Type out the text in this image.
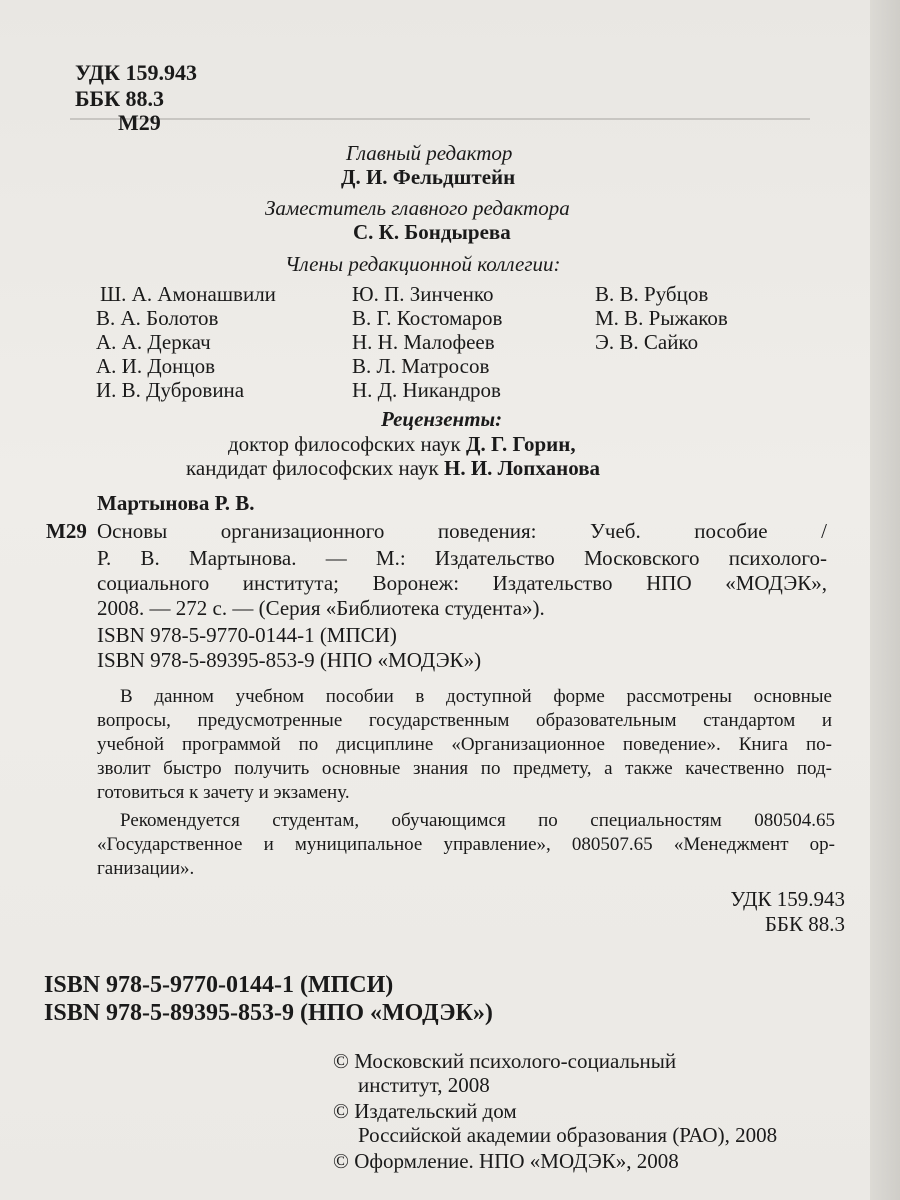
УДК 159.943
ББК 88.3
М29
Главный редактор
Д. И. Фельдштейн
Заместитель главного редактора
С. К. Бондырева
Члены редакционной коллегии:
Ш. А. Амонашвили
В. А. Болотов
А. А. Деркач
А. И. Донцов
И. В. Дубровина
Ю. П. Зинченко
В. Г. Костомаров
Н. Н. Малофеев
В. Л. Матросов
Н. Д. Никандров
В. В. Рубцов
М. В. Рыжаков
Э. В. Сайко
Рецензенты:
доктор философских наук Д. Г. Горин,
кандидат философских наук Н. И. Лопханова
Мартынова Р. В.
М29 Основы организационного поведения: Учеб. пособие /
Р. В. Мартынова. — М.: Издательство Московского психолого-
социального института; Воронеж: Издательство НПО «МОДЭК»,
2008. — 272 с. — (Серия «Библиотека студента»).
ISBN 978-5-9770-0144-1 (МПСИ)
ISBN 978-5-89395-853-9 (НПО «МОДЭК»)
В данном учебном пособии в доступной форме рассмотрены основные
вопросы, предусмотренные государственным образовательным стандартом и
учебной программой по дисциплине «Организационное поведение». Книга по-
зволит быстро получить основные знания по предмету, а также качественно под-
готовиться к зачету и экзамену.
Рекомендуется студентам, обучающимся по специальностям 080504.65
«Государственное и муниципальное управление», 080507.65 «Менеджмент ор-
ганизации».
УДК 159.943
ББК 88.3
ISBN 978-5-9770-0144-1 (МПСИ)
ISBN 978-5-89395-853-9 (НПО «МОДЭК»)
© Московский психолого-социальный
институт, 2008
© Издательский дом
Российской академии образования (РАО), 2008
© Оформление. НПО «МОДЭК», 2008
